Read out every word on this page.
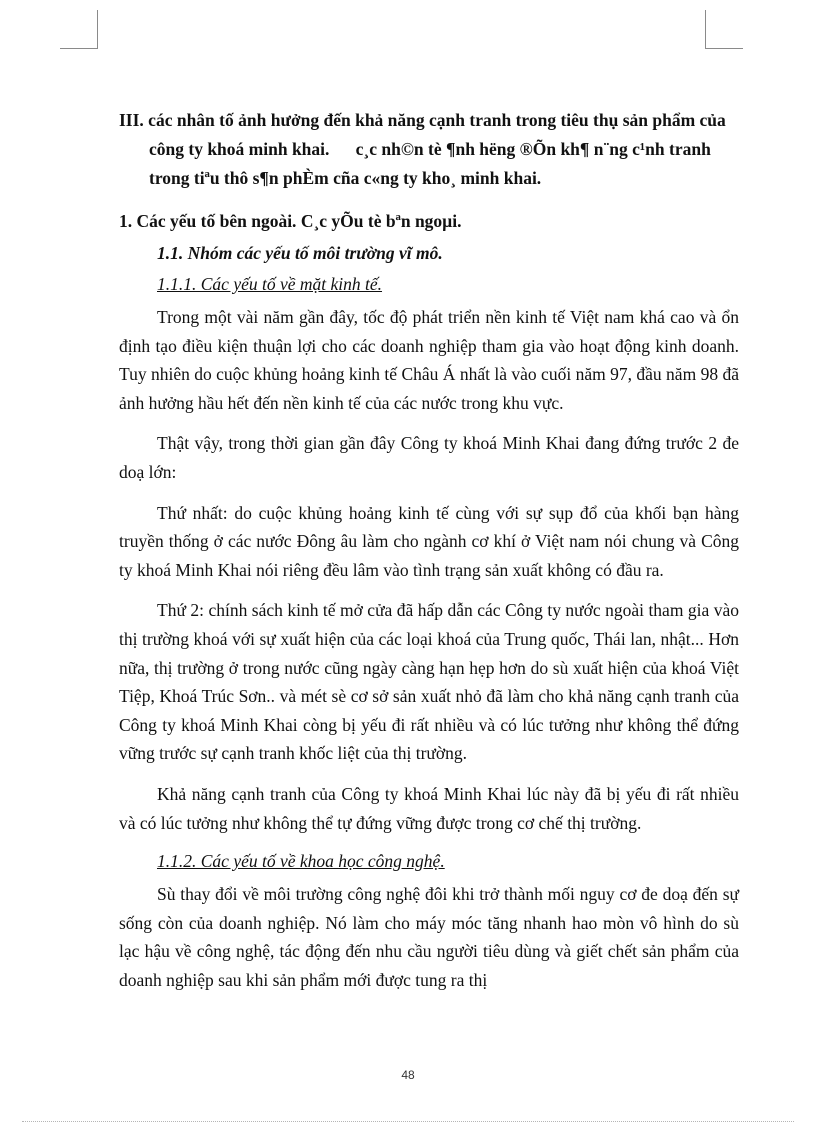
III. các nhân tố ảnh hưởng đến khả năng cạnh tranh trong tiêu thụ sản phẩm của công ty khoá minh khai. c¸c nh©n tè ¶nh hëng ®Õn kh¶ n¨ng c¹nh tranh trong tiªu thô s¶n phÈm cña c«ng ty kho¸ minh khai.

1. Các yếu tố bên ngoài. C¸c yÕu tè bªn ngoµi.

1.1. Nhóm các yếu tố môi trường vĩ mô.

1.1.1. Các yếu tố về mặt kinh tế.

Trong một vài năm gần đây, tốc độ phát triển nền kinh tế Việt nam khá cao và ổn định tạo điều kiện thuận lợi cho các doanh nghiệp tham gia vào hoạt động kinh doanh. Tuy nhiên do cuộc khủng hoảng kinh tế Châu Á nhất là vào cuối năm 97, đầu năm 98 đã ảnh hưởng hầu hết đến nền kinh tế của các nước trong khu vực.

Thật vậy, trong thời gian gần đây Công ty khoá Minh Khai đang đứng trước 2 đe doạ lớn:

Thứ nhất: do cuộc khủng hoảng kinh tế cùng với sự sụp đổ của khối bạn hàng truyền thống ở các nước Đông âu làm cho ngành cơ khí ở Việt nam nói chung và Công ty khoá Minh Khai nói riêng đều lâm vào tình trạng sản xuất không có đầu ra.

Thứ 2: chính sách kinh tế mở cửa đã hấp dẫn các Công ty nước ngoài tham gia vào thị trường khoá với sự xuất hiện của các loại khoá của Trung quốc, Thái lan, nhật... Hơn nữa, thị trường ở trong nước cũng ngày càng hạn hẹp hơn do sù xuất hiện của khoá Việt Tiệp, Khoá Trúc Sơn.. và mét sè cơ sở sản xuất nhỏ đã làm cho khả năng cạnh tranh của Công ty khoá Minh Khai còng bị yếu đi rất nhiều và có lúc tưởng như không thể đứng vững trước sự cạnh tranh khốc liệt của thị trường.

Khả năng cạnh tranh của Công ty khoá Minh Khai lúc này đã bị yếu đi rất nhiều và có lúc tưởng như không thể tự đứng vững được trong cơ chế thị trường.

1.1.2. Các yếu tố về khoa học công nghệ.

Sù thay đổi về môi trường công nghệ đôi khi trở thành mối nguy cơ đe doạ đến sự sống còn của doanh nghiệp. Nó làm cho máy móc tăng nhanh hao mòn vô hình do sù lạc hậu về công nghệ, tác động đến nhu cầu người tiêu dùng và giết chết sản phẩm của doanh nghiệp sau khi sản phẩm mới được tung ra thị

48
